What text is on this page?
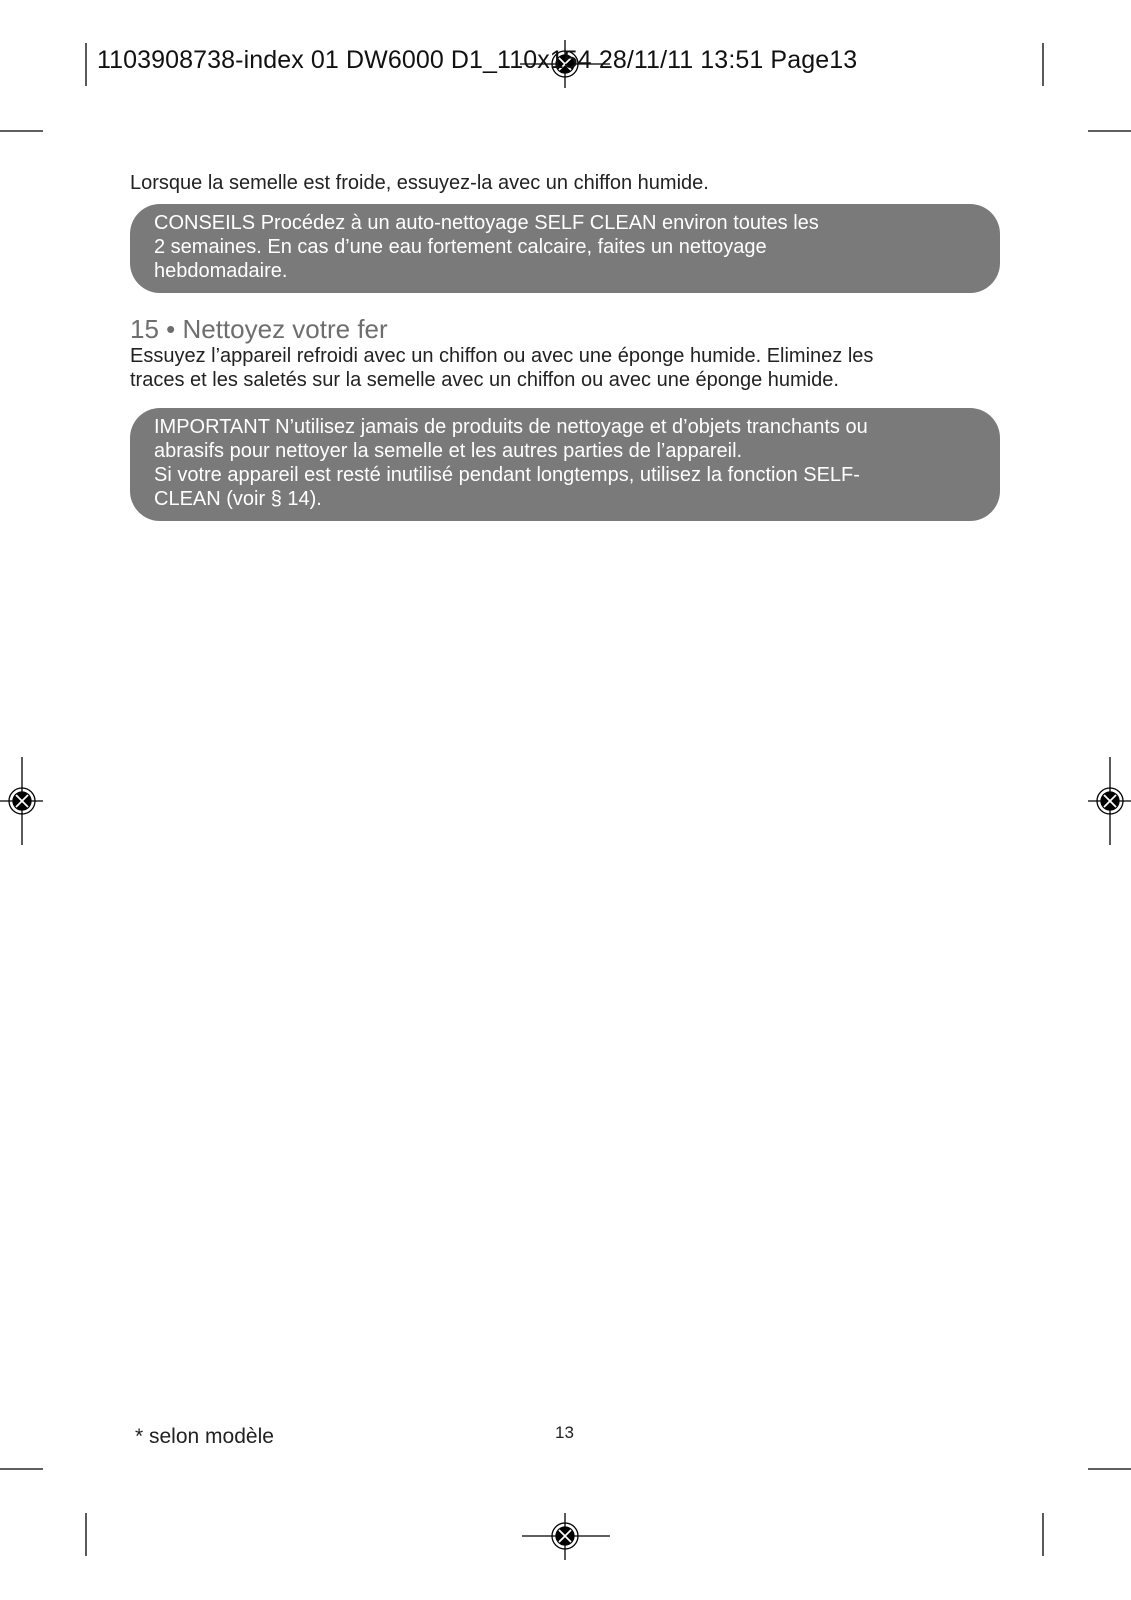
1103908738-index 01 DW6000 D1_110x154 28/11/11 13:51 Page13

Lorsque la semelle est froide, essuyez-la avec un chiffon humide.

CONSEILS Procédez à un auto-nettoyage SELF CLEAN environ toutes les

2 semaines. En cas d’une eau fortement calcaire, faites un nettoyage

hebdomadaire.

15 • Nettoyez votre fer
Essuyez l’appareil refroidi avec un chiffon ou avec une éponge humide. Eliminez les
traces et les saletés sur la semelle avec un chiffon ou avec une éponge humide.

IMPORTANT N’utilisez jamais de produits de nettoyage et d’objets tranchants ou

abrasifs pour nettoyer la semelle et les autres parties de l’appareil.

Si votre appareil est resté inutilisé pendant longtemps, utilisez la fonction SELF-

CLEAN (voir § 14).

* selon modèle	13
